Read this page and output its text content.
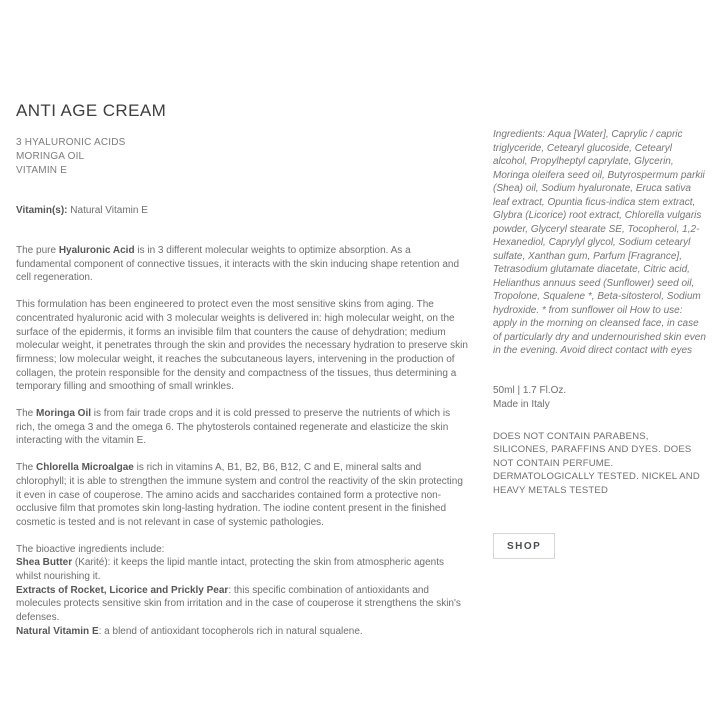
ANTI AGE CREAM
3 HYALURONIC ACIDS
MORINGA OIL
VITAMIN E

Vitamin(s): Natural Vitamin E

The pure Hyaluronic Acid is in 3 different molecular weights to optimize absorption. As a fundamental component of connective tissues, it interacts with the skin inducing shape retention and cell regeneration.

This formulation has been engineered to protect even the most sensitive skins from aging. The concentrated hyaluronic acid with 3 molecular weights is delivered in: high molecular weight, on the surface of the epidermis, it forms an invisible film that counters the cause of dehydration; medium molecular weight, it penetrates through the skin and provides the necessary hydration to preserve skin firmness; low molecular weight, it reaches the subcutaneous layers, intervening in the production of collagen, the protein responsible for the density and compactness of the tissues, thus determining a temporary filling and smoothing of small wrinkles.

The Moringa Oil is from fair trade crops and it is cold pressed to preserve the nutrients of which is rich, the omega 3 and the omega 6. The phytosterols contained regenerate and elasticize the skin interacting with the vitamin E.

The Chlorella Microalgae is rich in vitamins A, B1, B2, B6, B12, C and E, mineral salts and chlorophyll; it is able to strengthen the immune system and control the reactivity of the skin protecting it even in case of couperose. The amino acids and saccharides contained form a protective non-occlusive film that promotes skin long-lasting hydration. The iodine content present in the finished cosmetic is tested and is not relevant in case of systemic pathologies.

The bioactive ingredients include:

Shea Butter (Karité): it keeps the lipid mantle intact, protecting the skin from atmospheric agents whilst nourishing it.

Extracts of Rocket, Licorice and Prickly Pear: this specific combination of antioxidants and molecules protects sensitive skin from irritation and in the case of couperose it strengthens the skin's defenses.

Natural Vitamin E: a blend of antioxidant tocopherols rich in natural squalene.

Ingredients: Aqua [Water], Caprylic / capric triglyceride, Cetearyl glucoside, Cetearyl alcohol, Propylheptyl caprylate, Glycerin, Moringa oleifera seed oil, Butyrospermum parkii (Shea) oil, Sodium hyaluronate, Eruca sativa leaf extract, Opuntia ficus-indica stem extract, Glybra (Licorice) root extract, Chlorella vulgaris powder, Glyceryl stearate SE, Tocopherol, 1,2-Hexanediol, Caprylyl glycol, Sodium cetearyl sulfate, Xanthan gum, Parfum [Fragrance], Tetrasodium glutamate diacetate, Citric acid, Helianthus annuus seed (Sunflower) seed oil, Tropolone, Squalene *, Beta-sitosterol, Sodium hydroxide. * from sunflower oil How to use: apply in the morning on cleansed face, in case of particularly dry and undernourished skin even in the evening. Avoid direct contact with eyes

50ml | 1.7 Fl.Oz.
Made in Italy

DOES NOT CONTAIN PARABENS, SILICONES, PARAFFINS AND DYES. DOES NOT CONTAIN PERFUME. DERMATOLOGICALLY TESTED. NICKEL AND HEAVY METALS TESTED

SHOP
